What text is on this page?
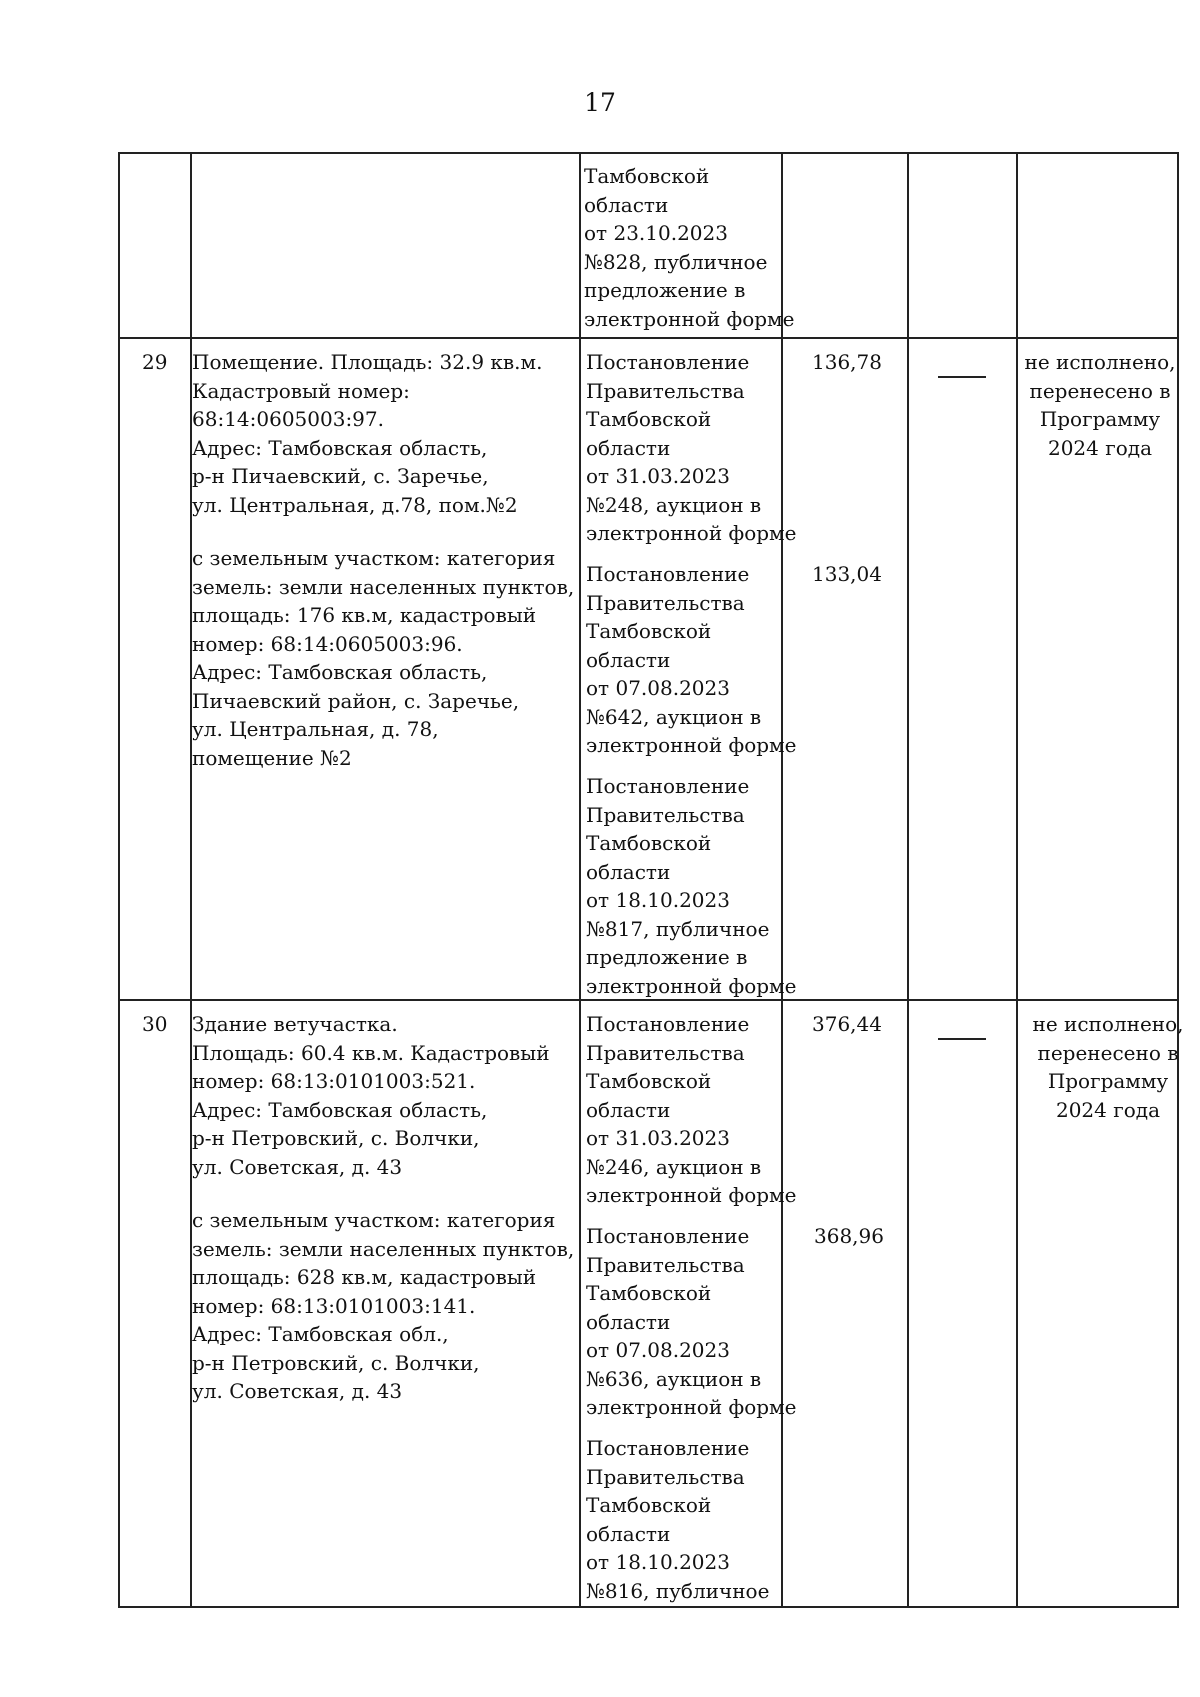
17
Тамбовской
области
от 23.10.2023
№828, публичное
предложение в
электронной форме
29 Помещение. Площадь: 32.9 кв.м.
Кадастровый номер:
68:14:0605003:97.
Адрес: Тамбовская область,
р-н Пичаевский, с. Заречье,
ул. Центральная, д.78, пом.№2
с земельным участком: категория
земель: земли населенных пунктов,
площадь: 176 кв.м, кадастровый
номер: 68:14:0605003:96.
Адрес: Тамбовская область,
Пичаевский район, с. Заречье,
ул. Центральная, д. 78,
помещение №2
Постановление
Правительства
Тамбовской
области
от 31.03.2023
№248, аукцион в
электронной форме
Постановление
Правительства
Тамбовской
области
от 07.08.2023
№642, аукцион в
электронной форме
Постановление
Правительства
Тамбовской
области
от 18.10.2023
№817, публичное
предложение в
электронной форме
136,78
133,04
не исполнено,
перенесено в
Программу
2024 года
30 Здание ветучастка.
Площадь: 60.4 кв.м. Кадастровый
номер: 68:13:0101003:521.
Адрес: Тамбовская область,
р-н Петровский, с. Волчки,
ул. Советская, д. 43
с земельным участком: категория
земель: земли населенных пунктов,
площадь: 628 кв.м, кадастровый
номер: 68:13:0101003:141.
Адрес: Тамбовская обл.,
р-н Петровский, с. Волчки,
ул. Советская, д. 43
Постановление
Правительства
Тамбовской
области
от 31.03.2023
№246, аукцион в
электронной форме
Постановление
Правительства
Тамбовской
области
от 07.08.2023
№636, аукцион в
электронной форме
Постановление
Правительства
Тамбовской
области
от 18.10.2023
№816, публичное
376,44
368,96
не исполнено,
перенесено в
Программу
2024 года
